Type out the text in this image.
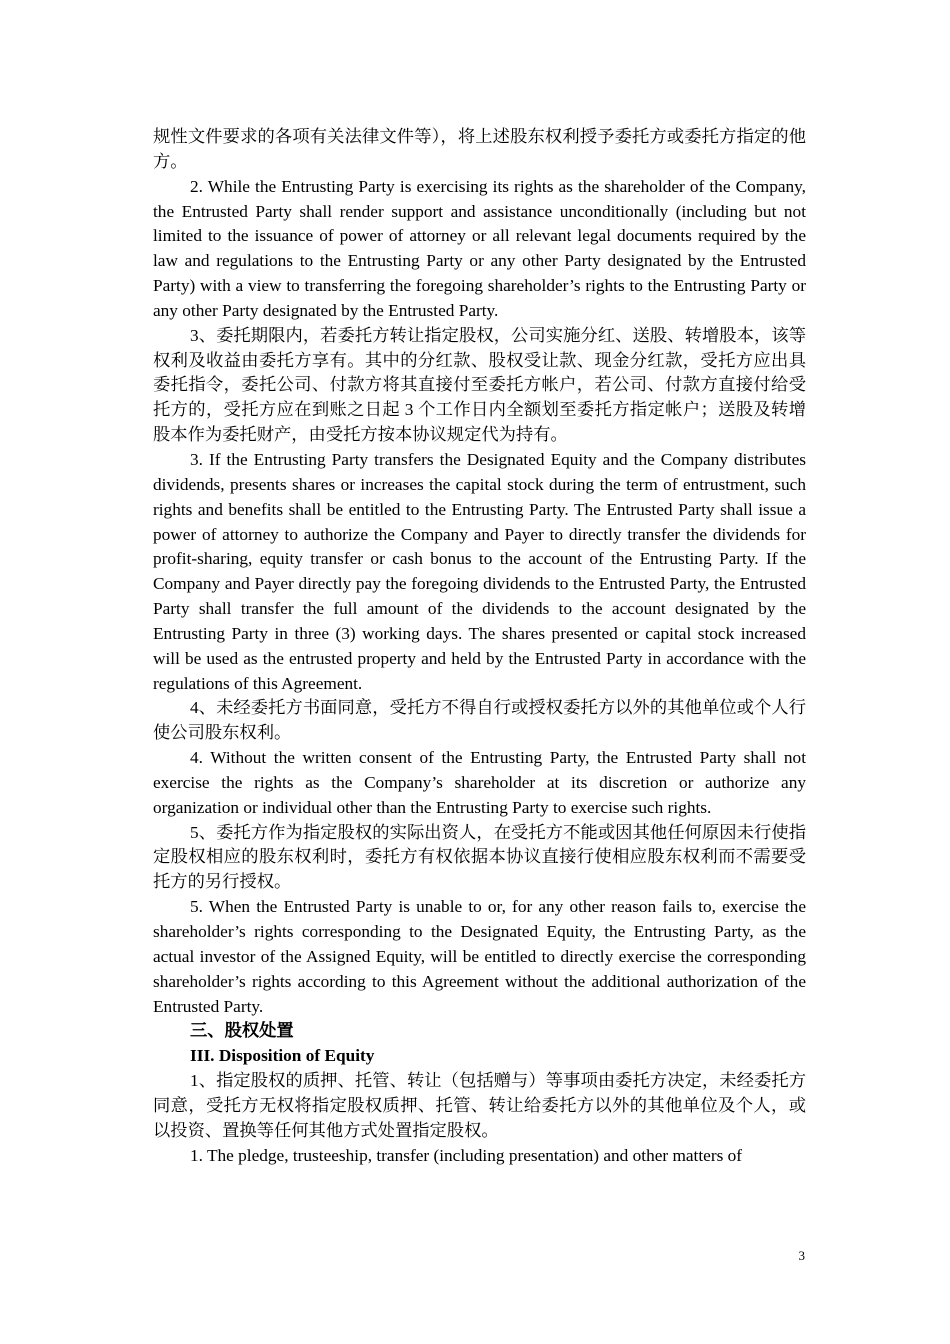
规性文件要求的各项有关法律文件等），将上述股东权利授予委托方或委托方指定的他方。

2. While the Entrusting Party is exercising its rights as the shareholder of the Company, the Entrusted Party shall render support and assistance unconditionally (including but not limited to the issuance of power of attorney or all relevant legal documents required by the law and regulations to the Entrusting Party or any other Party designated by the Entrusted Party) with a view to transferring the foregoing shareholder’s rights to the Entrusting Party or any other Party designated by the Entrusted Party.

3、委托期限内，若委托方转让指定股权，公司实施分红、送股、转增股本，该等权利及收益由委托方享有。其中的分红款、股权受让款、现金分红款，受托方应出具委托指令，委托公司、付款方将其直接付至委托方帐户，若公司、付款方直接付给受托方的，受托方应在到账之日起 3 个工作日内全额划至委托方指定帐户；送股及转增股本作为委托财产，由受托方按本协议规定代为持有。

3. If the Entrusting Party transfers the Designated Equity and the Company distributes dividends, presents shares or increases the capital stock during the term of entrustment, such rights and benefits shall be entitled to the Entrusting Party. The Entrusted Party shall issue a power of attorney to authorize the Company and Payer to directly transfer the dividends for profit-sharing, equity transfer or cash bonus to the account of the Entrusting Party. If the Company and Payer directly pay the foregoing dividends to the Entrusted Party, the Entrusted Party shall transfer the full amount of the dividends to the account designated by the Entrusting Party in three (3) working days. The shares presented or capital stock increased will be used as the entrusted property and held by the Entrusted Party in accordance with the regulations of this Agreement.

4、未经委托方书面同意，受托方不得自行或授权委托方以外的其他单位或个人行使公司股东权利。

4. Without the written consent of the Entrusting Party, the Entrusted Party shall not exercise the rights as the Company’s shareholder at its discretion or authorize any organization or individual other than the Entrusting Party to exercise such rights.

5、委托方作为指定股权的实际出资人，在受托方不能或因其他任何原因未行使指定股权相应的股东权利时，委托方有权依据本协议直接行使相应股东权利而不需要受托方的另行授权。

5. When the Entrusted Party is unable to or, for any other reason fails to, exercise the shareholder’s rights corresponding to the Designated Equity, the Entrusting Party, as the actual investor of the Assigned Equity, will be entitled to directly exercise the corresponding shareholder’s rights according to this Agreement without the additional authorization of the Entrusted Party.

三、股权处置

III. Disposition of Equity

1、指定股权的质押、托管、转让（包括赠与）等事项由委托方决定，未经委托方同意，受托方无权将指定股权质押、托管、转让给委托方以外的其他单位及个人，或以投资、置换等任何其他方式处置指定股权。

1. The pledge, trusteeship, transfer (including presentation) and other matters of

3
